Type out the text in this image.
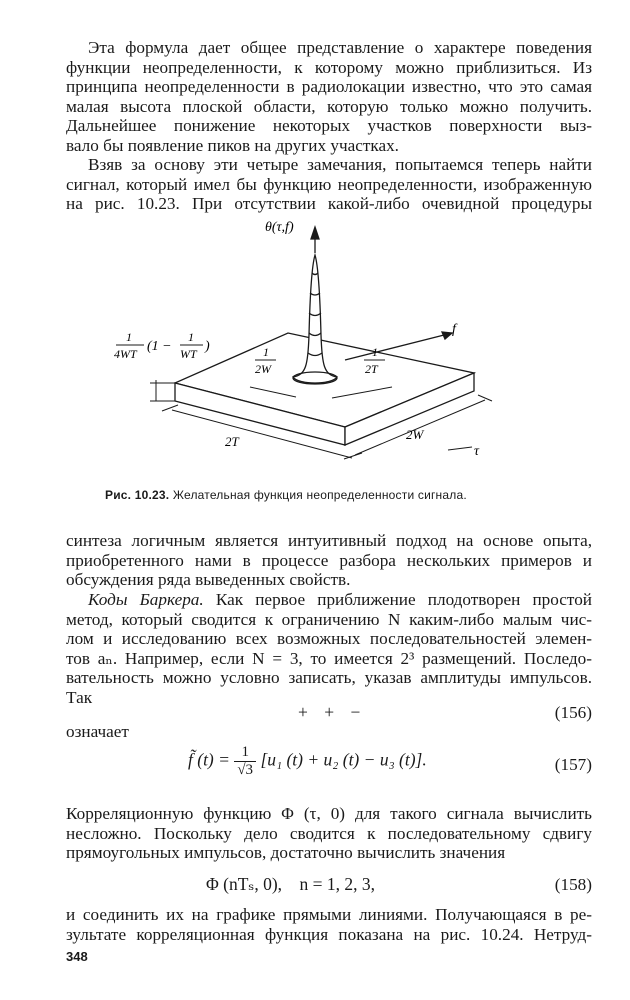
Эта формула дает общее представление о характере поведения
функции неопределенности, к которому можно приблизиться. Из
принципа неопределенности в радиолокации известно, что это самая
малая высота плоской области, которую только можно получить.
Дальнейшее понижение некоторых участков поверхности выз-
вало бы появление пиков на других участках.
Взяв за основу эти четыре замечания, попытаемся теперь найти
сигнал, который имел бы функцию неопределенности, изображенную
на рис. 10.23. При отсутствии какой-либо очевидной процедуры
θ(τ,f)
f
τ
2T	2W
1
4WT (1 −
1
WT )	1
2W
1
2T
Рис. 10.23. Желательная функция неопределенности сигнала.
синтеза логичным является интуитивный подход на основе опыта,
приобретенного нами в процессе разбора нескольких примеров и
обсуждения ряда выведенных свойств.
Коды Баркера. Как первое приближение плодотворен простой
метод, который сводится к ограничению N каким-либо малым чис-
лом и исследованию всех возможных последовательностей элемен-
тов aₙ. Например, если N = 3, то имеется 2³ размещений. Последо-
вательность можно условно записать, указав амплитуды импульсов.
Так
+ + −	(156)
означает
f̃ $(t) = \frac{1}{√3} [u_1$ (t) + u₂ (t) − u₃ (t)].	(157)
Корреляционную функцию Φ (τ, 0) для такого сигнала вычислить
несложно. Поскольку дело сводится к последовательному сдвигу
прямоугольных импульсов, достаточно вычислить значения
Φ (nTₛ, 0),    n = 1, 2, 3,	(158)
и соединить их на графике прямыми линиями. Получающаяся в ре-
зультате корреляционная функция показана на рис. 10.24. Нетруд-
348
